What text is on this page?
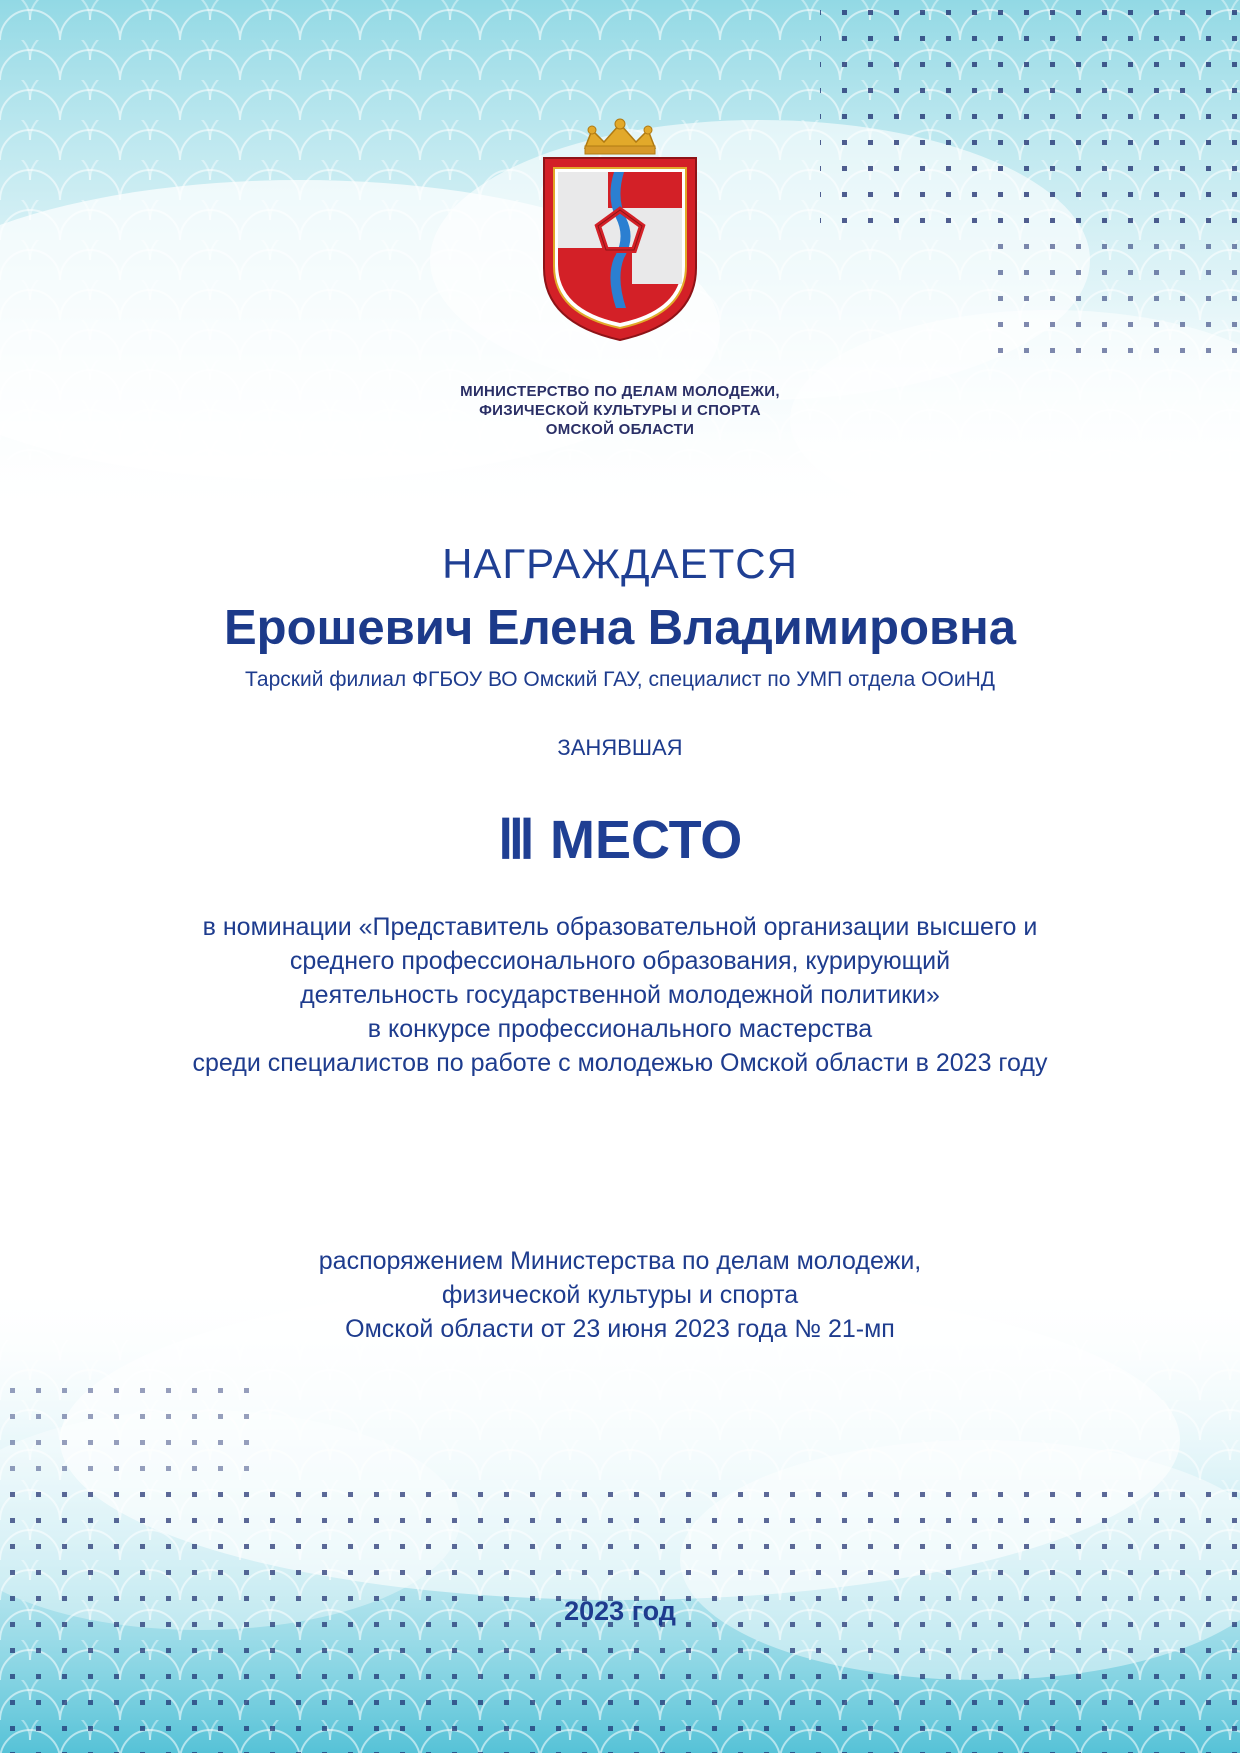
МИНИСТЕРСТВО ПО ДЕЛАМ МОЛОДЕЖИ,
ФИЗИЧЕСКОЙ КУЛЬТУРЫ И СПОРТА
ОМСКОЙ ОБЛАСТИ
НАГРАЖДАЕТСЯ
Ерошевич Елена Владимировна
Тарский филиал ФГБОУ ВО Омский ГАУ, специалист по УМП отдела ООиНД
ЗАНЯВШАЯ
Ⅲ МЕСТО
в номинации «Представитель образовательной организации высшего и
среднего профессионального образования, курирующий
деятельность государственной молодежной политики»
в конкурсе профессионального мастерства
среди специалистов по работе с молодежью Омской области в 2023 году
распоряжением Министерства по делам молодежи,
физической культуры и спорта
Омской области от 23 июня 2023 года № 21-мп
2023 год
